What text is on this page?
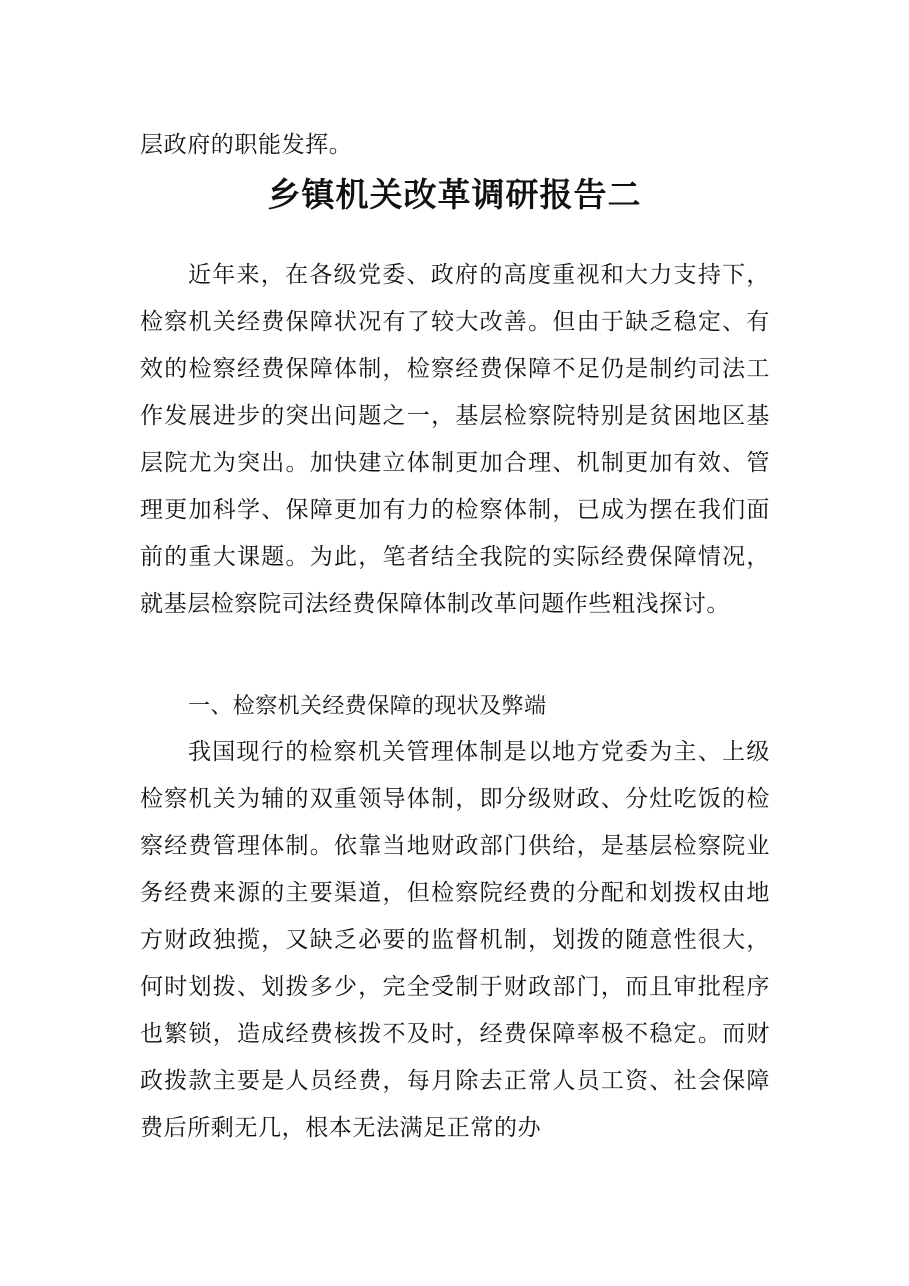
层政府的职能发挥。

乡镇机关改革调研报告二

近年来，在各级党委、政府的高度重视和大力支持下，检察机关经费保障状况有了较大改善。但由于缺乏稳定、有效的检察经费保障体制，检察经费保障不足仍是制约司法工作发展进步的突出问题之一，基层检察院特别是贫困地区基层院尤为突出。加快建立体制更加合理、机制更加有效、管理更加科学、保障更加有力的检察体制，已成为摆在我们面前的重大课题。为此，笔者结全我院的实际经费保障情况，就基层检察院司法经费保障体制改革问题作些粗浅探讨。

一、检察机关经费保障的现状及弊端

我国现行的检察机关管理体制是以地方党委为主、上级检察机关为辅的双重领导体制，即分级财政、分灶吃饭的检察经费管理体制。依靠当地财政部门供给，是基层检察院业务经费来源的主要渠道，但检察院经费的分配和划拨权由地方财政独揽，又缺乏必要的监督机制，划拨的随意性很大，何时划拨、划拨多少，完全受制于财政部门，而且审批程序也繁锁，造成经费核拨不及时，经费保障率极不稳定。而财政拨款主要是人员经费，每月除去正常人员工资、社会保障费后所剩无几，根本无法满足正常的办
